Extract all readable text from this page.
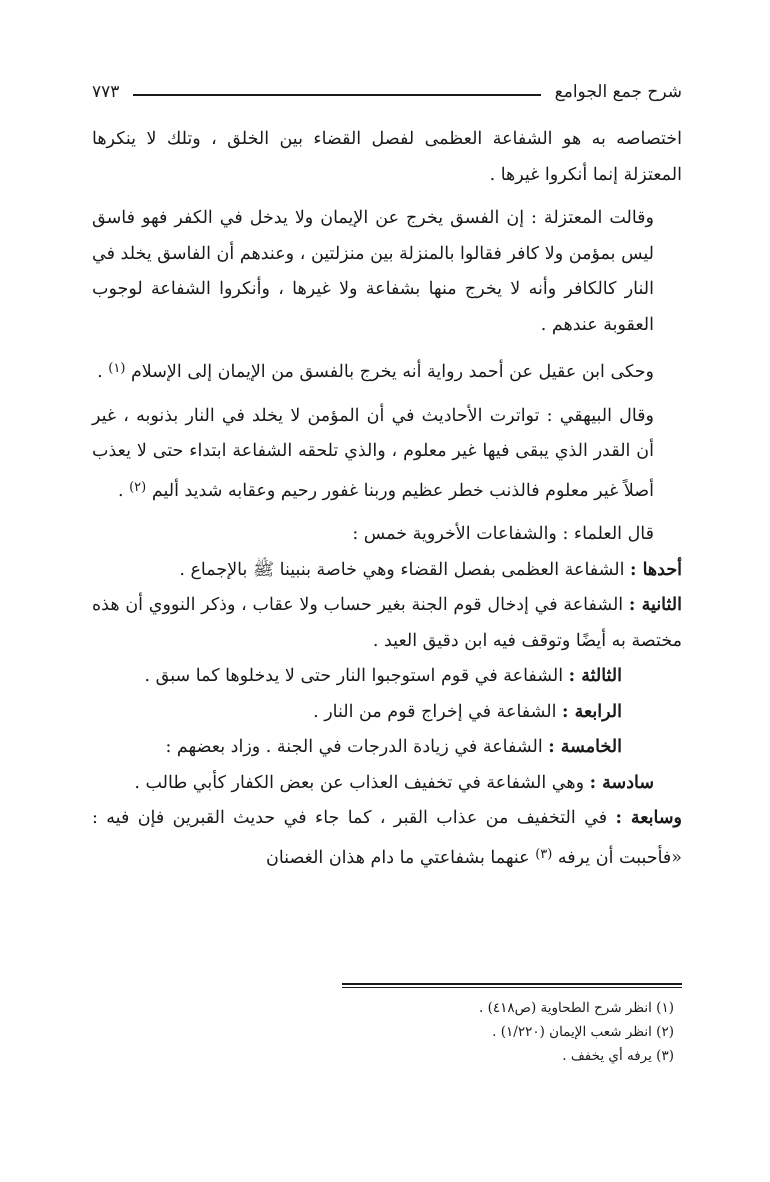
شرح جمع الجوامع
٧٧٣

اختصاصه به هو الشفاعة العظمى لفصل القضاء بين الخلق ، وتلك لا ينكرها المعتزلة إنما أنكروا غيرها .

وقالت المعتزلة : إن الفسق يخرج عن الإيمان ولا يدخل في الكفر فهو فاسق ليس بمؤمن ولا كافر فقالوا بالمنزلة بين منزلتين ، وعندهم أن الفاسق يخلد في النار كالكافر وأنه لا يخرج منها بشفاعة ولا غيرها ، وأنكروا الشفاعة لوجوب العقوبة عندهم .

وحكى ابن عقيل عن أحمد رواية أنه يخرج بالفسق من الإيمان إلى الإسلام $^{(١)}$ .

وقال البيهقي : تواترت الأحاديث في أن المؤمن لا يخلد في النار بذنوبه ، غير أن القدر الذي يبقى فيها غير معلوم ، والذي تلحقه الشفاعة ابتداء حتى لا يعذب أصلاً غير معلوم فالذنب خطر عظيم وربنا غفور رحيم وعقابه شديد أليم $^{(٢)}$ .

قال العلماء : والشفاعات الأخروية خمس :

أحدها : الشفاعة العظمى بفصل القضاء وهي خاصة بنبينا ﷺ بالإجماع .

الثانية : الشفاعة في إدخال قوم الجنة بغير حساب ولا عقاب ، وذكر النووي أن هذه مختصة به أيضًا وتوقف فيه ابن دقيق العيد .

الثالثة : الشفاعة في قوم استوجبوا النار حتى لا يدخلوها كما سبق .

الرابعة : الشفاعة في إخراج قوم من النار .

الخامسة : الشفاعة في زيادة الدرجات في الجنة . وزاد بعضهم :

سادسة : وهي الشفاعة في تخفيف العذاب عن بعض الكفار كأبي طالب .

وسابعة : في التخفيف من عذاب القبر ، كما جاء في حديث القبرين فإن فيه : «فأحببت أن يرفه $^{(٣)}$ عنهما بشفاعتي ما دام هذان الغصنان

(١) انظر شرح الطحاوية (ص٤١٨) .
(٢) انظر شعب الإيمان (١/٢٢٠) .
(٣) يرفه أي يخفف .
